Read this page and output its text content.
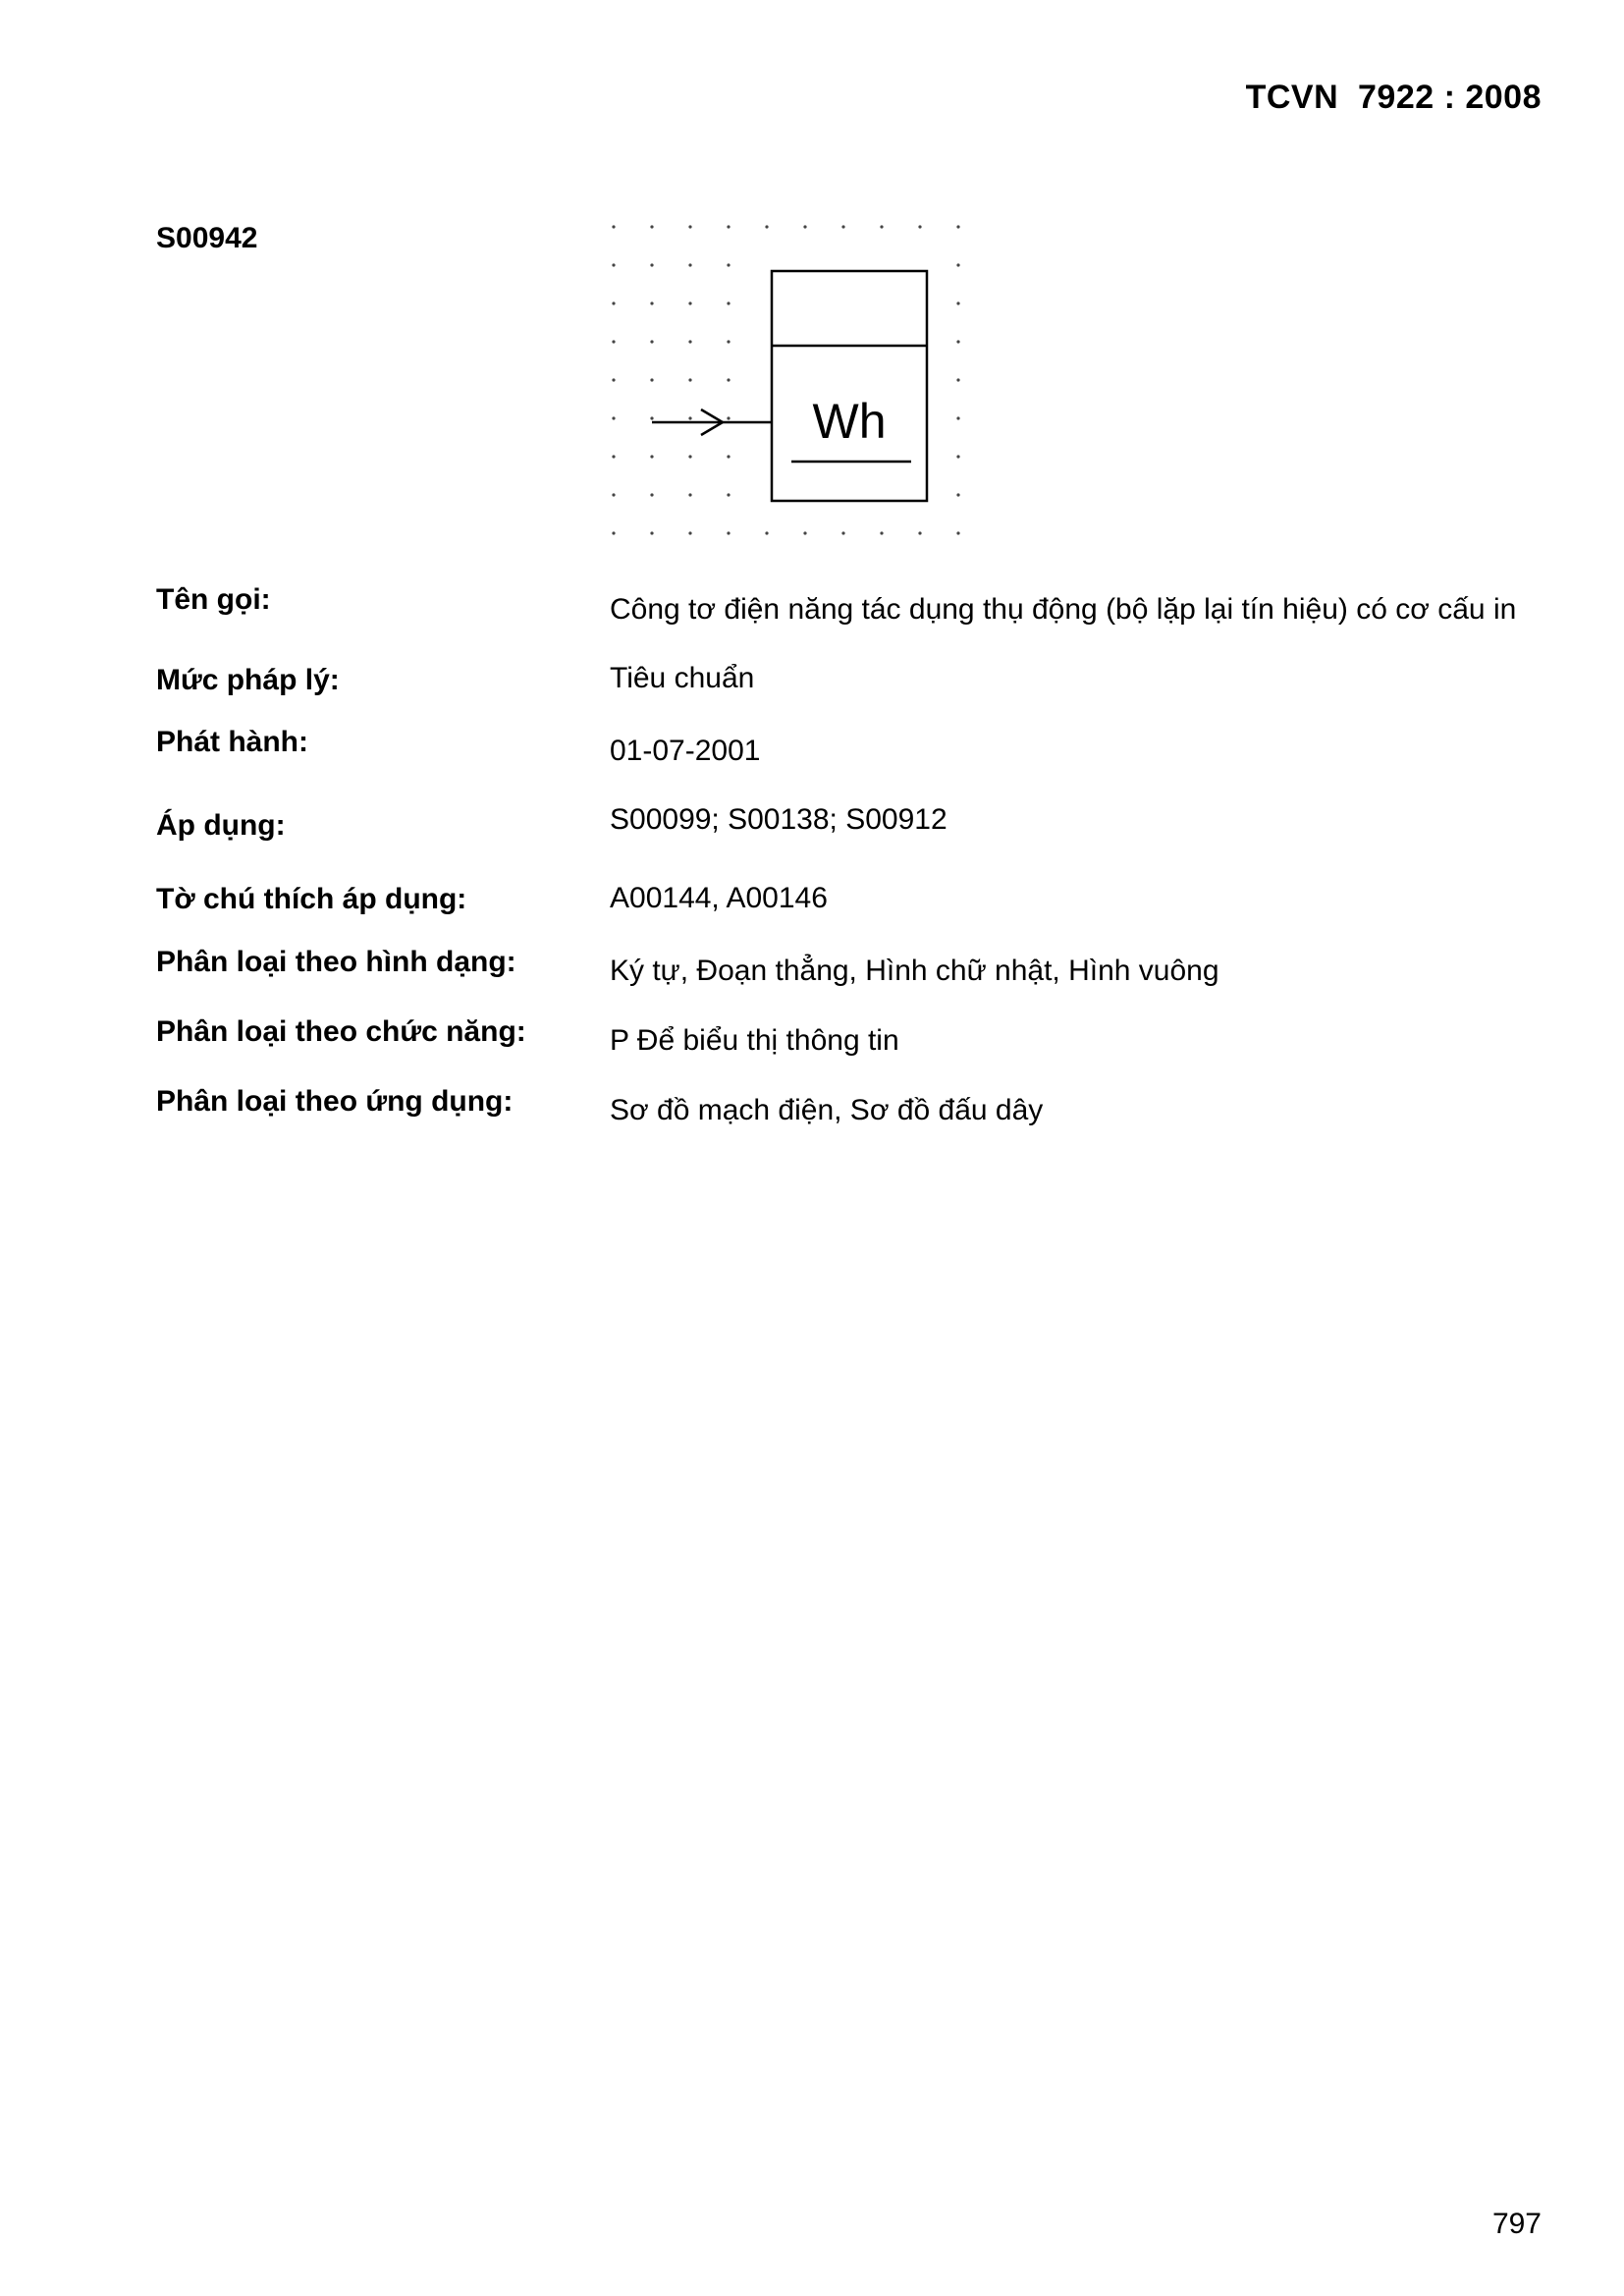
TCVN  7922 : 2008
S00942
Wh
Tên gọi:	Công tơ điện năng tác dụng thụ động (bộ lặp lại tín hiệu) có cơ cấu in
Mức pháp lý:	Tiêu chuẩn
Phát hành:	01-07-2001
Áp dụng:	S00099; S00138; S00912
Tờ chú thích áp dụng:	A00144, A00146
Phân loại theo hình dạng:	Ký tự, Đoạn thẳng, Hình chữ nhật, Hình vuông
Phân loại theo chức năng:	P Để biểu thị thông tin
Phân loại theo ứng dụng:	Sơ đồ mạch điện, Sơ đồ đấu dây
797
